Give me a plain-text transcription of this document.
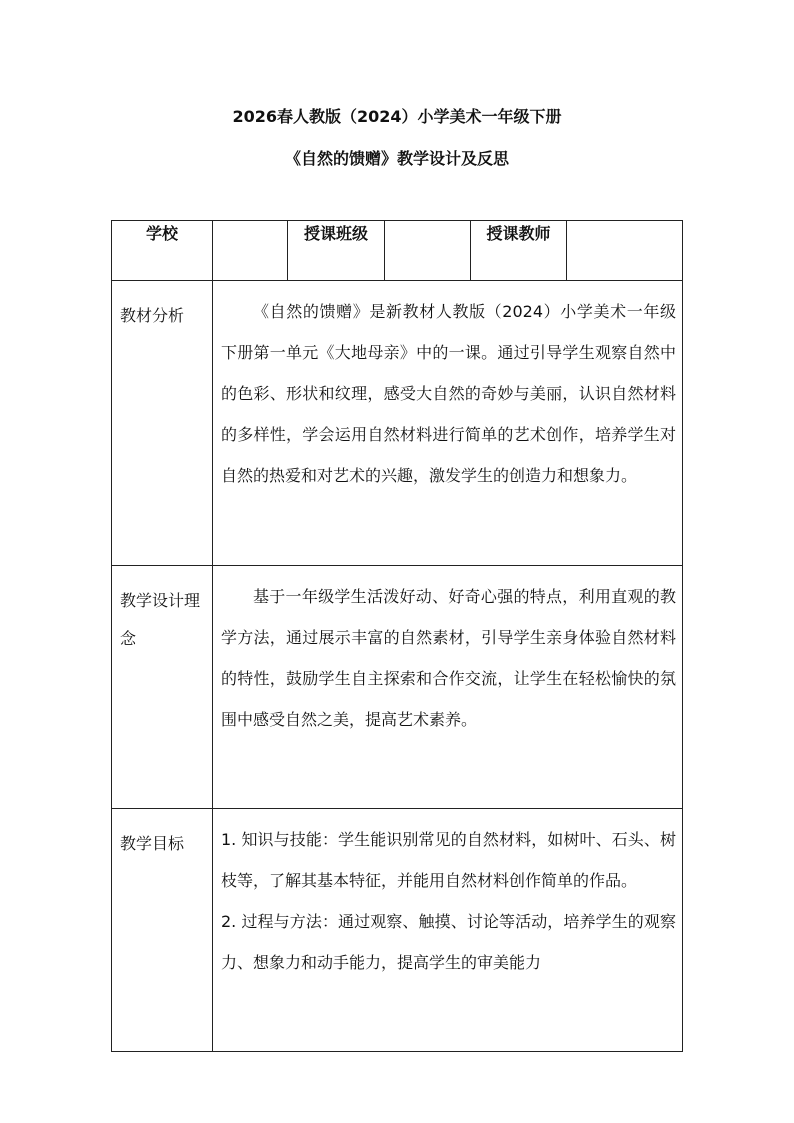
2026春人教版（2024）小学美术一年级下册
《自然的馈赠》教学设计及反思
学校		授课班级		授课教师	
教材分析	《自然的馈赠》是新教材人教版（2024）小学美术一年级下册第一单元《大地母亲》中的一课。通过引导学生观察自然中的色彩、形状和纹理，感受大自然的奇妙与美丽，认识自然材料的多样性，学会运用自然材料进行简单的艺术创作，培养学生对自然的热爱和对艺术的兴趣，激发学生的创造力和想象力。				

教学设计理念	基于一年级学生活泼好动、好奇心强的特点，利用直观的教学方法，通过展示丰富的自然素材，引导学生亲身体验自然材料的特性，鼓励学生自主探索和合作交流，让学生在轻松愉快的氛围中感受自然之美，提高艺术素养。				

教学目标	1. 知识与技能：学生能识别常见的自然材料，如树叶、石头、树枝等，了解其基本特征，并能用自然材料创作简单的作品。

2. 过程与方法：通过观察、触摸、讨论等活动，培养学生的观察力、想象力和动手能力，提高学生的审美能力				
